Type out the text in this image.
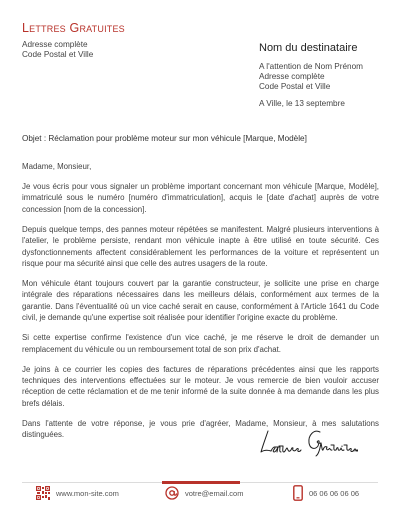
Lettres Gratuites
Adresse complète
Code Postal et Ville
Nom du destinataire
A l'attention de Nom Prénom
Adresse complète
Code Postal et Ville
A Ville, le 13 septembre
Objet : Réclamation pour problème moteur sur mon véhicule [Marque, Modèle]

Madame, Monsieur,

Je vous écris pour vous signaler un problème important concernant mon véhicule [Marque, Modèle], immatriculé sous le numéro [numéro d'immatriculation], acquis le [date d'achat] auprès de votre concession [nom de la concession].

Depuis quelque temps, des pannes moteur répétées se manifestent. Malgré plusieurs interventions à l'atelier, le problème persiste, rendant mon véhicule inapte à être utilisé en toute sécurité. Ces dysfonctionnements affectent considérablement les performances de la voiture et représentent un risque pour ma sécurité ainsi que celle des autres usagers de la route.

Mon véhicule étant toujours couvert par la garantie constructeur, je sollicite une prise en charge intégrale des réparations nécessaires dans les meilleurs délais, conformément aux termes de la garantie. Dans l'éventualité où un vice caché serait en cause, conformément à l'Article 1641 du Code civil, je demande qu'une expertise soit réalisée pour identifier l'origine exacte du problème.

Si cette expertise confirme l'existence d'un vice caché, je me réserve le droit de demander un remplacement du véhicule ou un remboursement total de son prix d'achat.

Je joins à ce courrier les copies des factures de réparations précédentes ainsi que les rapports techniques des interventions effectuées sur le moteur. Je vous remercie de bien vouloir accuser réception de cette réclamation et de me tenir informé de la suite donnée à ma demande dans les plus brefs délais.

Dans l'attente de votre réponse, je vous prie d'agréer, Madame, Monsieur, à mes salutations distinguées.

www.mon-site.com	votre@email.com	06 06 06 06 06
